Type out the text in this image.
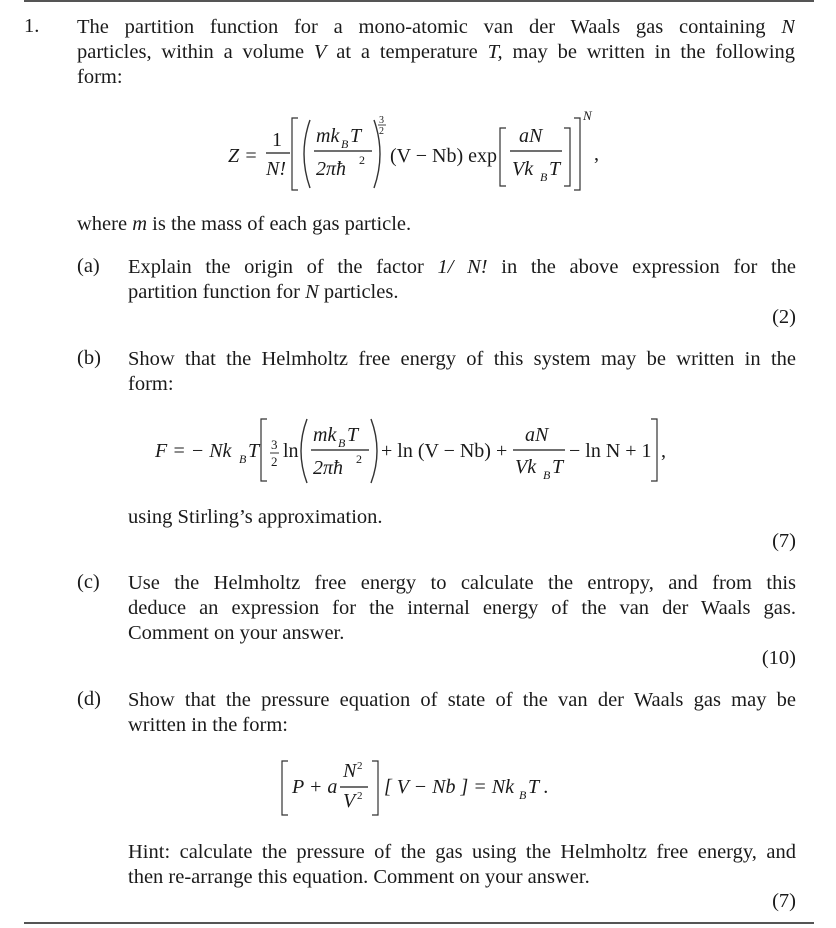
1. The partition function for a mono-atomic van der Waals gas containing N
particles, within a volume V at a temperature T, may be written in the following
form:
Z =
1
N!
mk B T
2πħ 2
3
2
(V − Nb) exp
aN
Vk B T
N
,
where m is the mass of each gas particle.
(a) Explain the origin of the factor 1/ N! in the above expression for the
partition function for N particles.
(2)
(b) Show that the Helmholtz free energy of this system may be written in the
form:
F = − Nk B T 3
2 ln
mk B T
2πħ 2 + ln (V − Nb) +
aN
Vk B T
− ln N + 1 ,
using Stirling’s approximation.
(7)
(c) Use the Helmholtz free energy to calculate the entropy, and from this
deduce an expression for the internal energy of the van der Waals gas.
Comment on your answer.
(10)
(d) Show that the pressure equation of state of the van der Waals gas may be
written in the form:
P + a
N 2
V 2 [ V − Nb ] = Nk B T .
Hint: calculate the pressure of the gas using the Helmholtz free energy, and
then re-arrange this equation. Comment on your answer.
(7)
